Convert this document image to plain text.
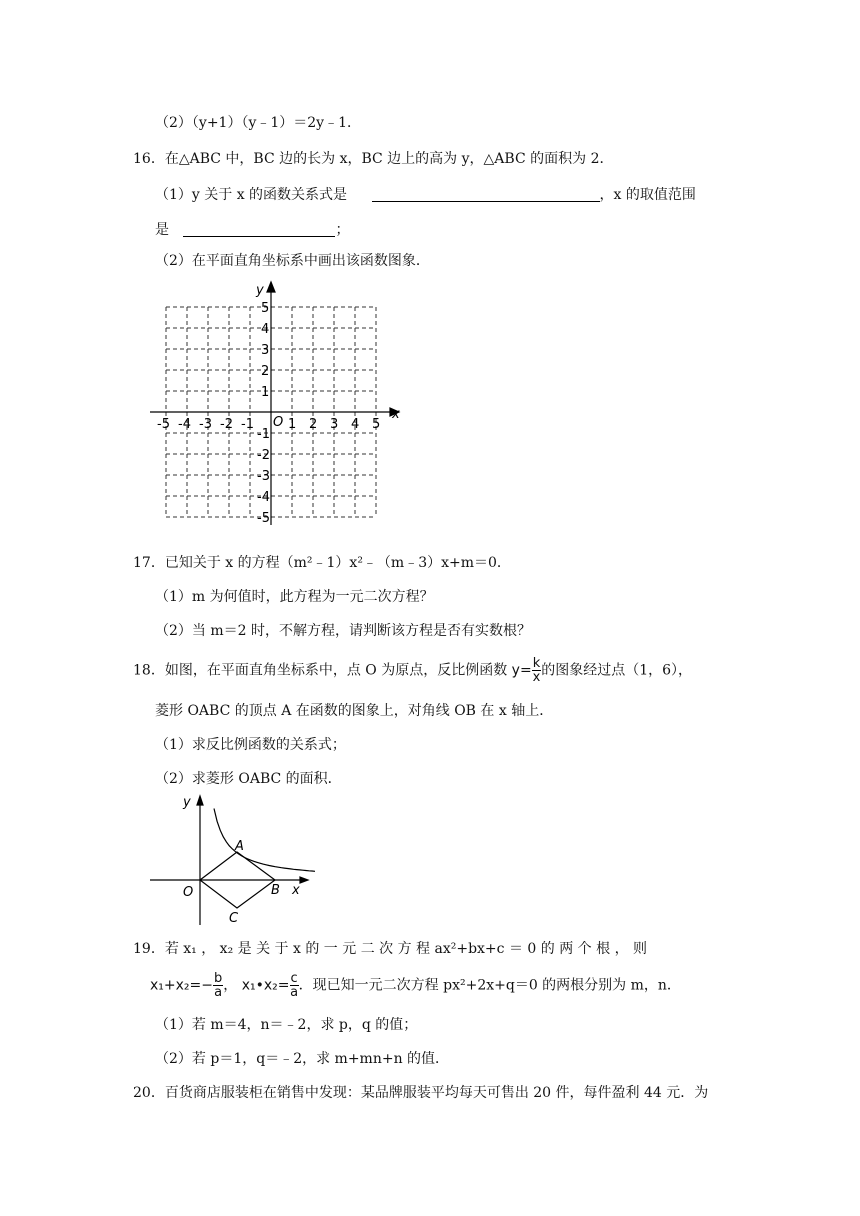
（2）（y+1）（y﹣1）＝2y﹣1．
16．在△ABC 中，BC 边的长为 x，BC 边上的高为 y，△ABC 的面积为 2．
（1）y 关于 x 的函数关系式是	，x 的取值范围
是	；
（2）在平面直角坐标系中画出该函数图象．
x
y
O
-5 -4 -3 -2 -1	1 2 3 4 5
5
4
3
2
1
-1
-2
-3
-4
-5
17．已知关于 x 的方程（m²﹣1）x²﹣（m﹣3）x+m＝0．
（1）m 为何值时，此方程为一元二次方程？
（2）当 m＝2 时，不解方程，请判断该方程是否有实数根？
18．如图，在平面直角坐标系中，点 O 为原点，反比例函数 $y= \frac{k}{x}$ 的图象经过点（1，6），
菱形 OABC 的顶点 A 在函数的图象上，对角线 OB 在 x 轴上．
（1）求反比例函数的关系式；
（2）求菱形 OABC 的面积．
y
x
O
A
B
C
19．若 x₁ ， x₂ 是 关 于 x 的 一 元 二 次 方 程 ax²+bx+c ＝ 0 的 两 个 根 ， 则
$x_1+x_2=- \frac{b}{a}$ ， x₁•x₂= $\frac{c}{a}$ ．现已知一元二次方程 px²+2x+q＝0 的两根分别为 m，n．
（1）若 m＝4，n＝﹣2，求 p，q 的值；
（2）若 p＝1，q＝﹣2，求 m+mn+n 的值．
20．百货商店服装柜在销售中发现：某品牌服装平均每天可售出 20 件，每件盈利 44 元．为
